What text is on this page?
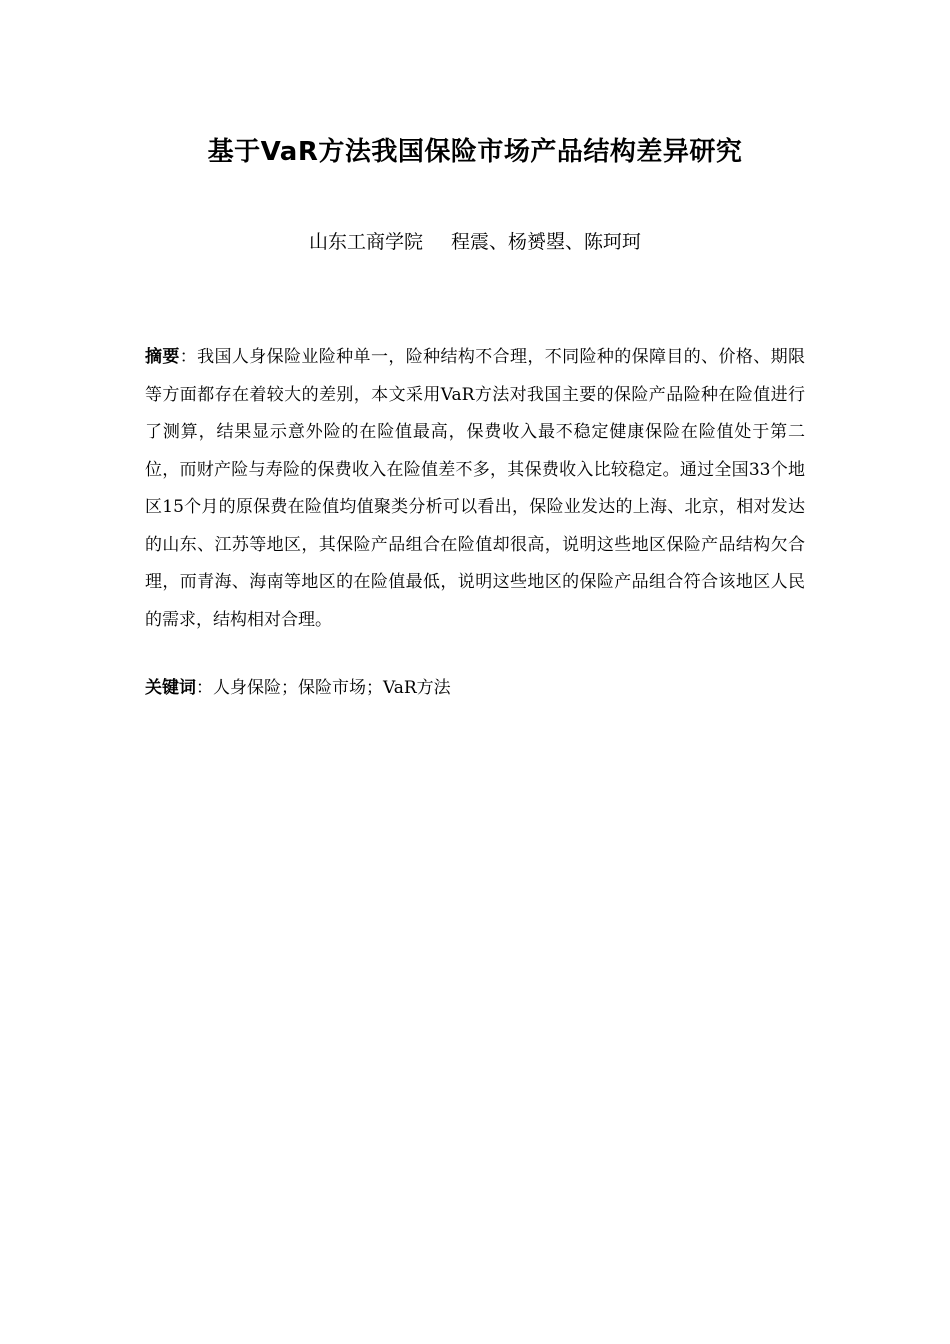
基于VaR方法我国保险市场产品结构差异研究
山东工商学院 程震、杨赟曌、陈珂珂
摘要：我国人身保险业险种单一，险种结构不合理，不同险种的保障目的、价格、期限等方面都存在着较大的差别，本文采用VaR方法对我国主要的保险产品险种在险值进行了测算，结果显示意外险的在险值最高，保费收入最不稳定健康保险在险值处于第二位，而财产险与寿险的保费收入在险值差不多，其保费收入比较稳定。通过全国33个地区15个月的原保费在险值均值聚类分析可以看出，保险业发达的上海、北京，相对发达的山东、江苏等地区，其保险产品组合在险值却很高，说明这些地区保险产品结构欠合理，而青海、海南等地区的在险值最低，说明这些地区的保险产品组合符合该地区人民的需求，结构相对合理。
关键词：人身保险；保险市场；VaR方法
